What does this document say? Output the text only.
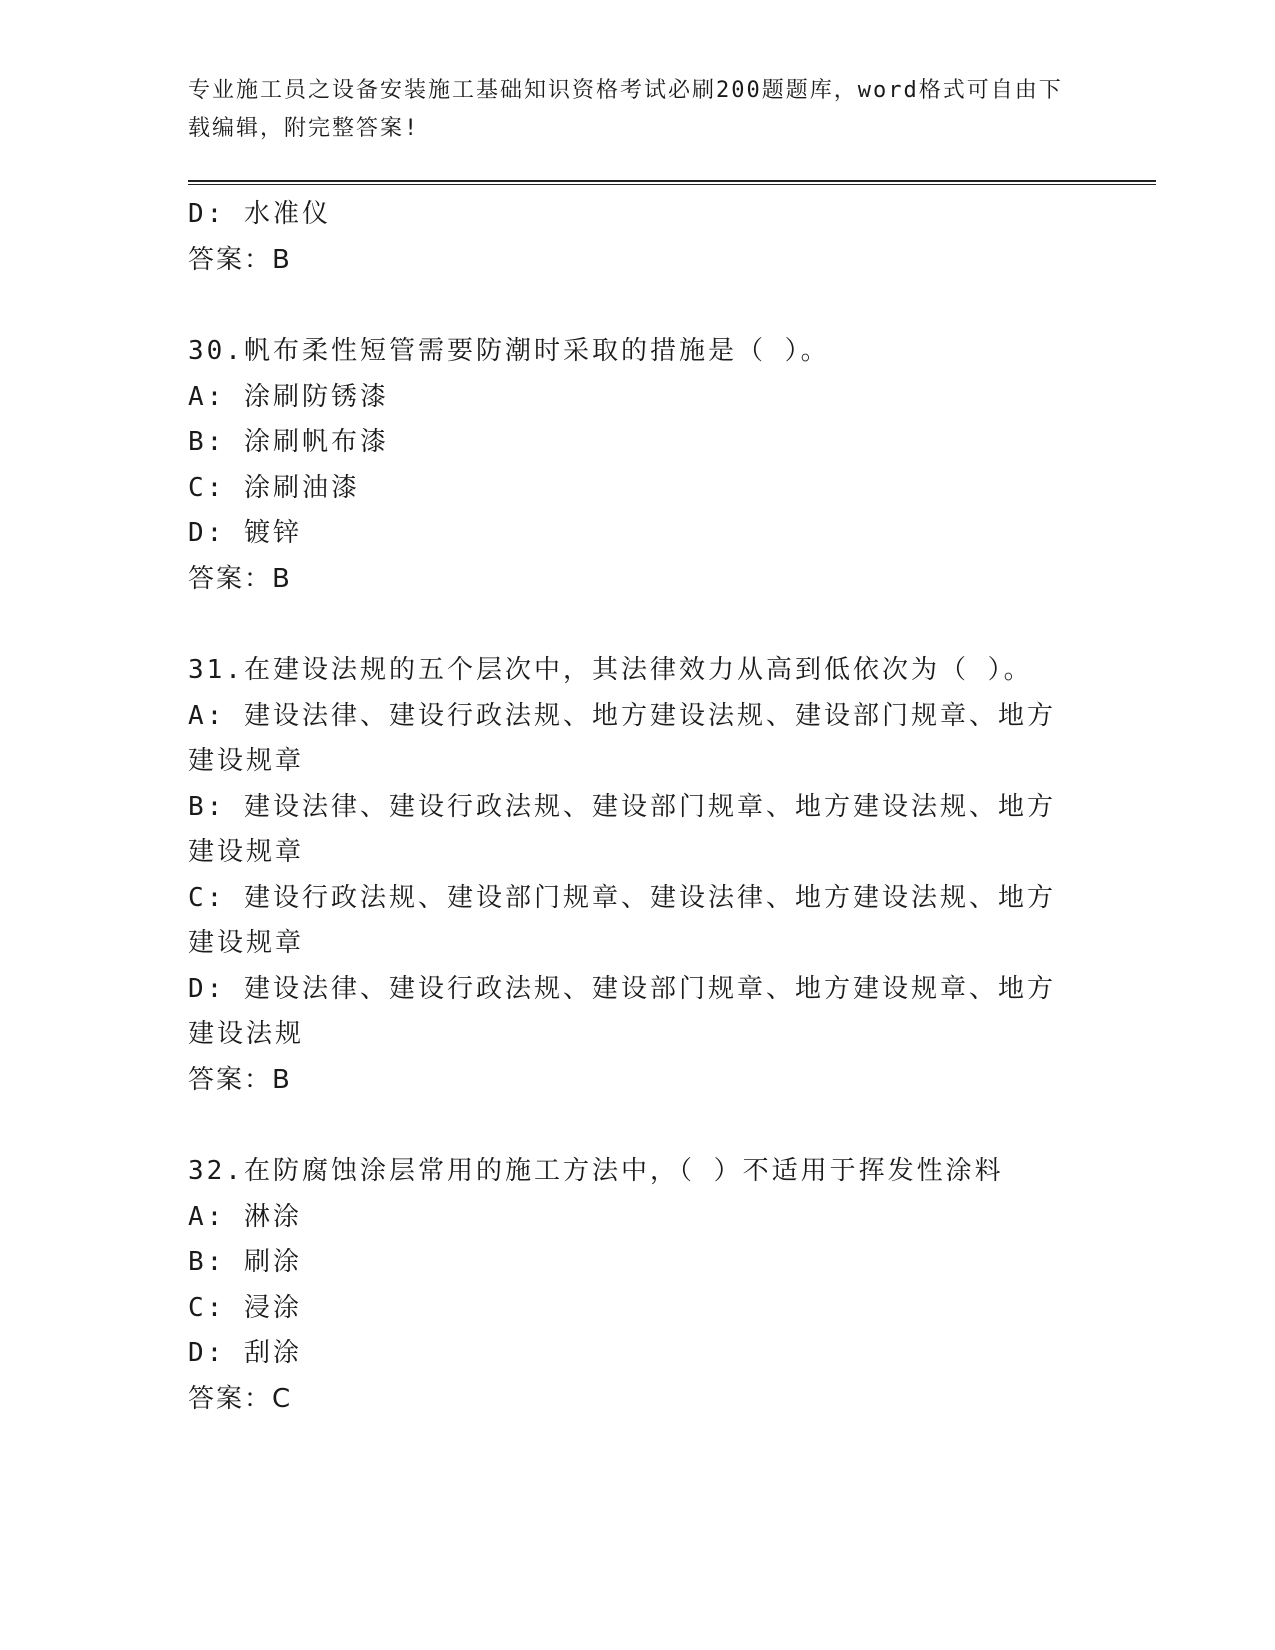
专业施工员之设备安装施工基础知识资格考试必刷200题题库，word格式可自由下载编辑，附完整答案!
D: 水准仪
答案：B
30.帆布柔性短管需要防潮时采取的措施是（ ）。
A: 涂刷防锈漆
B: 涂刷帆布漆
C: 涂刷油漆
D: 镀锌
答案：B
31.在建设法规的五个层次中，其法律效力从高到低依次为（ ）。
A: 建设法律、建设行政法规、地方建设法规、建设部门规章、地方建设规章
B: 建设法律、建设行政法规、建设部门规章、地方建设法规、地方建设规章
C: 建设行政法规、建设部门规章、建设法律、地方建设法规、地方建设规章
D: 建设法律、建设行政法规、建设部门规章、地方建设规章、地方建设法规
答案：B
32.在防腐蚀涂层常用的施工方法中，（ ）不适用于挥发性涂料
A: 淋涂
B: 刷涂
C: 浸涂
D: 刮涂
答案：C
